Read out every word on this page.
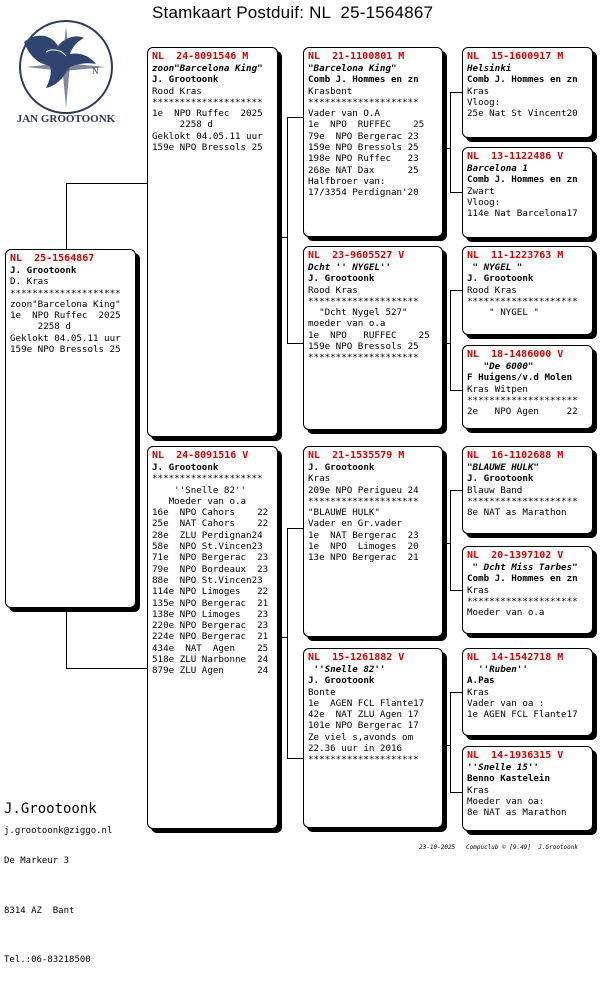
Stamkaart Postduif: NL  25-1564867
N
JAN GROOTOONK
NL  25-1564867
J. Grootoonk
D. Kras
********************
zoon"Barcelona King"
1e  NPO Ruffec  2025
2258 d
Geklokt 04.05.11 uur
159e NPO Bressols 25
NL  24-8091546 M
zoon"Barcelona King"
J. Grootoonk
Rood Kras
********************
1e  NPO Ruffec  2025
2258 d
Geklokt 04.05.11 uur
159e NPO Bressols 25
NL  24-8091516 V
J. Grootoonk
********************
''Snelle 82''
Moeder van o.a
16e  NPO Cahors    22
25e  NAT Cahors    22
28e  ZLU Perdignan24
58e  NPO St.Vincen23
71e  NPO Bergerac  23
79e  NPO Bordeaux  23
88e  NPO St.Vincen23
114e NPO Limoges   22
135e NPO Bergerac  21
138e NPO Limoges   23
220e NPO Bergerac  23
224e NPO Bergerac  21
434e  NAT  Agen    25
518e ZLU Narbonne  24
879e ZLU Agen      24
NL  21-1100801 M
"Barcelona King"
Comb J. Hommes en zn
Krasbont
********************
Vader van O.A
1e  NPO  RUFFEC    25
79e  NPO Bergerac 23
159e NPO Bressols 25
198e NPO Ruffec   23
268e NAT Dax      25
Halfbroer van:
17/3354 Perdignan'20
NL  23-9605527 V
Dcht '' NYGEL''
J. Grootoonk
Rood Kras
********************
"Dcht Nygel 527"
moeder van o.a
1e  NPO   RUFFEC    25
159e NPO Bressols 25
********************
NL  21-1535579 M
J. Grootoonk
Kras
209e NPO Perigueu 24
********************
"BLAUWE HULK"
Vader en Gr.vader
1e  NAT Bergerac  23
1e  NPO  Limoges  20
13e NPO Bergerac  21
NL  15-1261882 V
''Snelle 82''
J. Grootoonk
Bonte
1e  AGEN FCL Flante17
42e  NAT ZLU Agen 17
101e NPO Bergerac 17
Ze viel s,avonds om
22.36 uur in 2016
********************
NL  15-1600917 M
Helsinki
Comb J. Hommes en zn
Kras
Vloog:
25e Nat St Vincent20
NL  13-1122486 V
Barcelona 1
Comb J. Hommes en zn
Zwart
Vloog:
114e Nat Barcelona17
NL  11-1223763 M
" NYGEL "
J. Grootoonk
Rood Kras
********************
" NYGEL "
NL  18-1486000 V
"De 6000"
F Huigens/v.d Molen
Kras Witpen
********************
2e   NPO Agen     22
NL  16-1102688 M
"BLAUWE HULK"
J. Grootoonk
Blauw Band
********************
8e NAT as Marathon
NL  20-1397102 V
" Dcht Miss Tarbes"
Comb J. Hommes en zn
Kras
********************
Moeder van o.a
NL  14-1542718 M
''Ruben''
A.Pas
Kras
Vader van oa :
1e AGEN FCL Flante17
NL  14-1936315 V
''Snelle 15''
Benno Kastelein
Kras
Moeder van oa:
8e NAT as Marathon

J.Grootoonk

De Markeur 3

8314 AZ  Bant

Tel.:06-83218500

j.grootoonk@ziggo.nl
23-10-2025   Compuclub © [9.49]  J.Grootoonk
